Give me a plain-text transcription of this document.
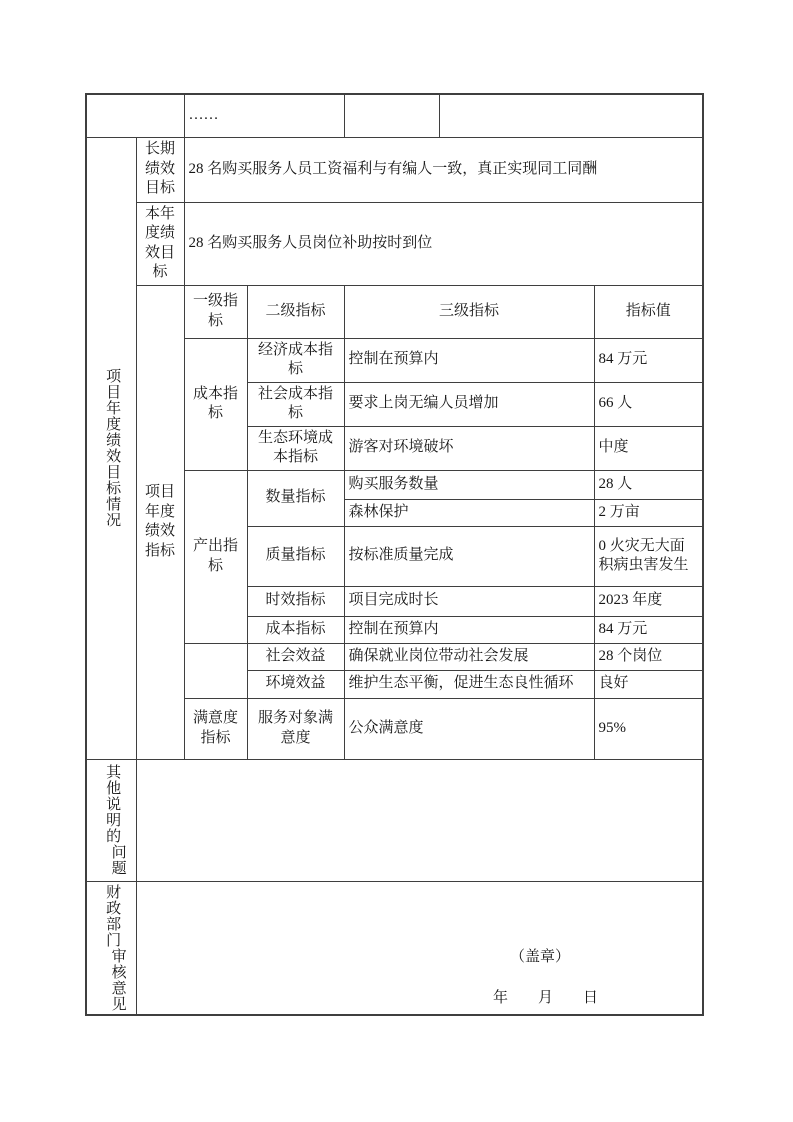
		……				
项目年度绩效目标情况	长期绩效目标	28 名购买服务人员工资福利与有编人一致，真正实现同工同酬				
	本年度绩效目标	28 名购买服务人员岗位补助按时到位				
	项目年度绩效指标	一级指标	二级指标	三级指标		指标值
		成本指标	经济成本指标	控制在预算内		84 万元
			社会成本指标	要求上岗无编人员增加		66 人
			生态环境成本指标	游客对环境破坏		中度
		产出指标	数量指标	购买服务数量		28 人
				森林保护		2 万亩
			质量指标	按标准质量完成		0 火灾无大面积病虫害发生
			时效指标	项目完成时长		2023 年度
			成本指标	控制在预算内		84 万元
			社会效益	确保就业岗位带动社会发展		28 个岗位
			环境效益	维护生态平衡，促进生态良性循环		良好
		满意度指标	服务对象满意度	公众满意度		95%
其他说明的 问题						
财政部门 审核意见	（盖章）
年　　月　　日					
